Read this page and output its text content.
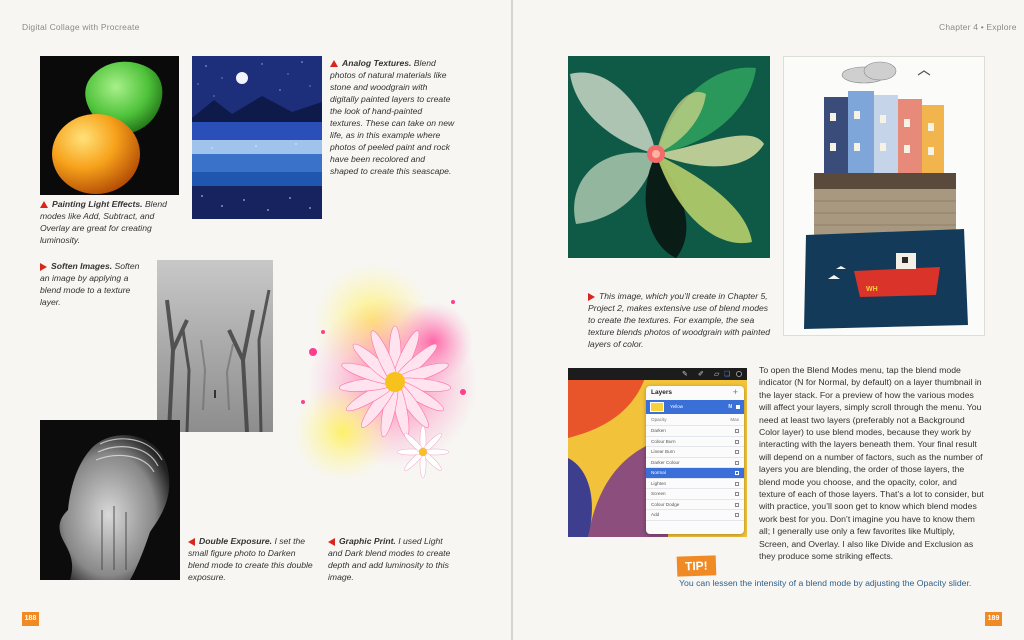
Digital Collage with Procreate
Painting Light Effects. Blend modes like Add, Subtract, and Overlay are great for creating luminosity.
Analog Textures. Blend photos of natural materials like stone and woodgrain with digitally painted layers to create the look of hand-painted textures. These can take on new life, as in this example where photos of peeled paint and rock have been recolored and shaped to create this seascape.
Soften Images. Soften an image by applying a blend mode to a texture layer.
Double Exposure. I set the small figure photo to Darken blend mode to create this double exposure.
Graphic Print. I used Light and Dark blend modes to create depth and add luminosity to this image.
188
Chapter 4 • Explore
WH
This image, which you’ll create in Chapter 5, Project 2, makes extensive use of blend modes to create the textures. For example, the sea texture blends photos of woodgrain with painted layers of color.
✎ ✐ ▱ ❏
Layers	+
Yellow	N
Opacity	Max
Darken
Colour Burn
Linear Burn
Darker Colour
Normal
Lighten
Screen
Colour Dodge
Add
To open the Blend Modes menu, tap the blend mode indicator (N for Normal, by default) on a layer thumbnail in the layer stack. For a preview of how the various modes will affect your layers, simply scroll through the menu. You need at least two layers (preferably not a Background Color layer) to use blend modes, because they work by interacting with the layers beneath them. Your final result will depend on a number of factors, such as the number of layers you are blending, the order of those layers, the blend mode you choose, and the opacity, color, and texture of each of those layers. That’s a lot to consider, but with practice, you’ll soon get to know which blend modes work best for you. Don’t imagine you have to know them all; I generally use only a few favorites like Multiply, Screen, and Overlay. I also like Divide and Exclusion as they produce some striking effects.
TIP!
You can lessen the intensity of a blend mode by adjusting the Opacity slider.
189
